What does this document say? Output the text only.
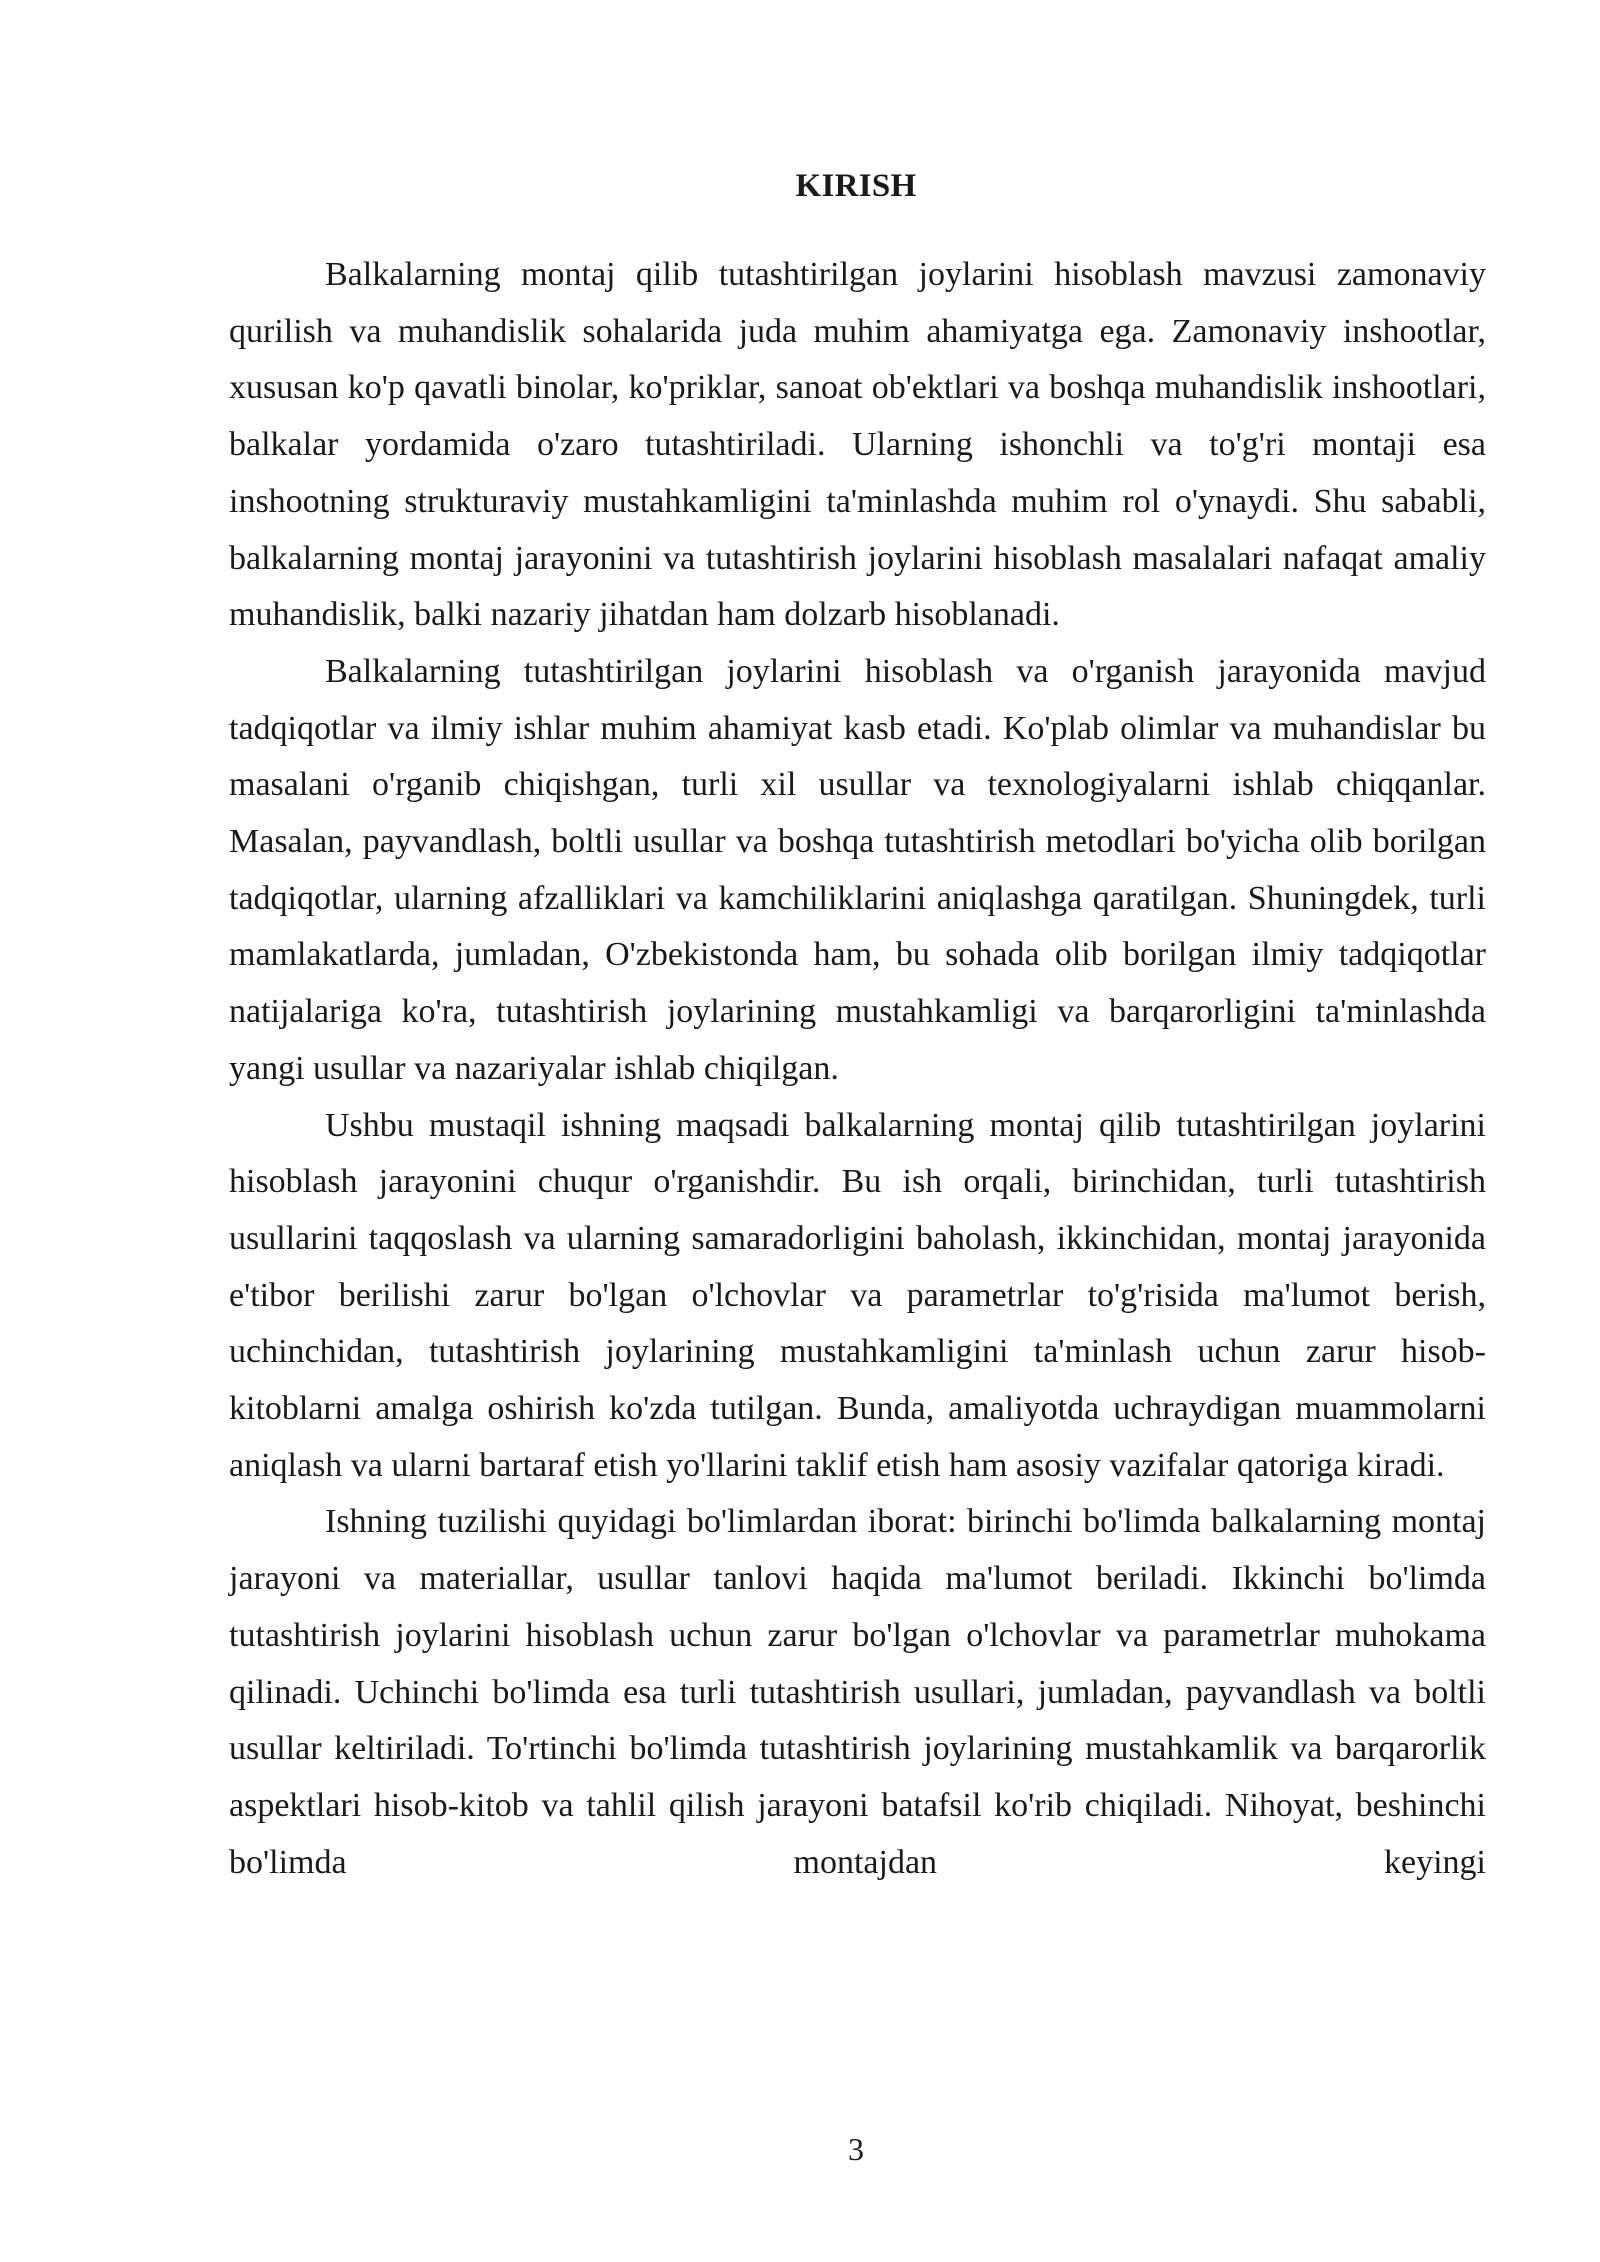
KIRISH

Balkalarning montaj qilib tutashtirilgan joylarini hisoblash mavzusi zamonaviy qurilish va muhandislik sohalarida juda muhim ahamiyatga ega. Zamonaviy inshootlar, xususan ko'p qavatli binolar, ko'priklar, sanoat ob'ektlari va boshqa muhandislik inshootlari, balkalar yordamida o'zaro tutashtiriladi. Ularning ishonchli va to'g'ri montaji esa inshootning strukturaviy mustahkamligini ta'minlashda muhim rol o'ynaydi. Shu sababli, balkalarning montaj jarayonini va tutashtirish joylarini hisoblash masalalari nafaqat amaliy muhandislik, balki nazariy jihatdan ham dolzarb hisoblanadi.

Balkalarning tutashtirilgan joylarini hisoblash va o'rganish jarayonida mavjud tadqiqotlar va ilmiy ishlar muhim ahamiyat kasb etadi. Ko'plab olimlar va muhandislar bu masalani o'rganib chiqishgan, turli xil usullar va texnologiyalarni ishlab chiqqanlar. Masalan, payvandlash, boltli usullar va boshqa tutashtirish metodlari bo'yicha olib borilgan tadqiqotlar, ularning afzalliklari va kamchiliklarini aniqlashga qaratilgan. Shuningdek, turli mamlakatlarda, jumladan, O'zbekistonda ham, bu sohada olib borilgan ilmiy tadqiqotlar natijalariga ko'ra, tutashtirish joylarining mustahkamligi va barqarorligini ta'minlashda yangi usullar va nazariyalar ishlab chiqilgan.

Ushbu mustaqil ishning maqsadi balkalarning montaj qilib tutashtirilgan joylarini hisoblash jarayonini chuqur o'rganishdir. Bu ish orqali, birinchidan, turli tutashtirish usullarini taqqoslash va ularning samaradorligini baholash, ikkinchidan, montaj jarayonida e'tibor berilishi zarur bo'lgan o'lchovlar va parametrlar to'g'risida ma'lumot berish, uchinchidan, tutashtirish joylarining mustahkamligini ta'minlash uchun zarur hisob-kitoblarni amalga oshirish ko'zda tutilgan. Bunda, amaliyotda uchraydigan muammolarni aniqlash va ularni bartaraf etish yo'llarini taklif etish ham asosiy vazifalar qatoriga kiradi.

Ishning tuzilishi quyidagi bo'limlardan iborat: birinchi bo'limda balkalarning montaj jarayoni va materiallar, usullar tanlovi haqida ma'lumot beriladi. Ikkinchi bo'limda tutashtirish joylarini hisoblash uchun zarur bo'lgan o'lchovlar va parametrlar muhokama qilinadi. Uchinchi bo'limda esa turli tutashtirish usullari, jumladan, payvandlash va boltli usullar keltiriladi. To'rtinchi bo'limda tutashtirish joylarining mustahkamlik va barqarorlik aspektlari hisob-kitob va tahlil qilish jarayoni batafsil ko'rib chiqiladi. Nihoyat, beshinchi bo'limda montajdan keyingi

3
